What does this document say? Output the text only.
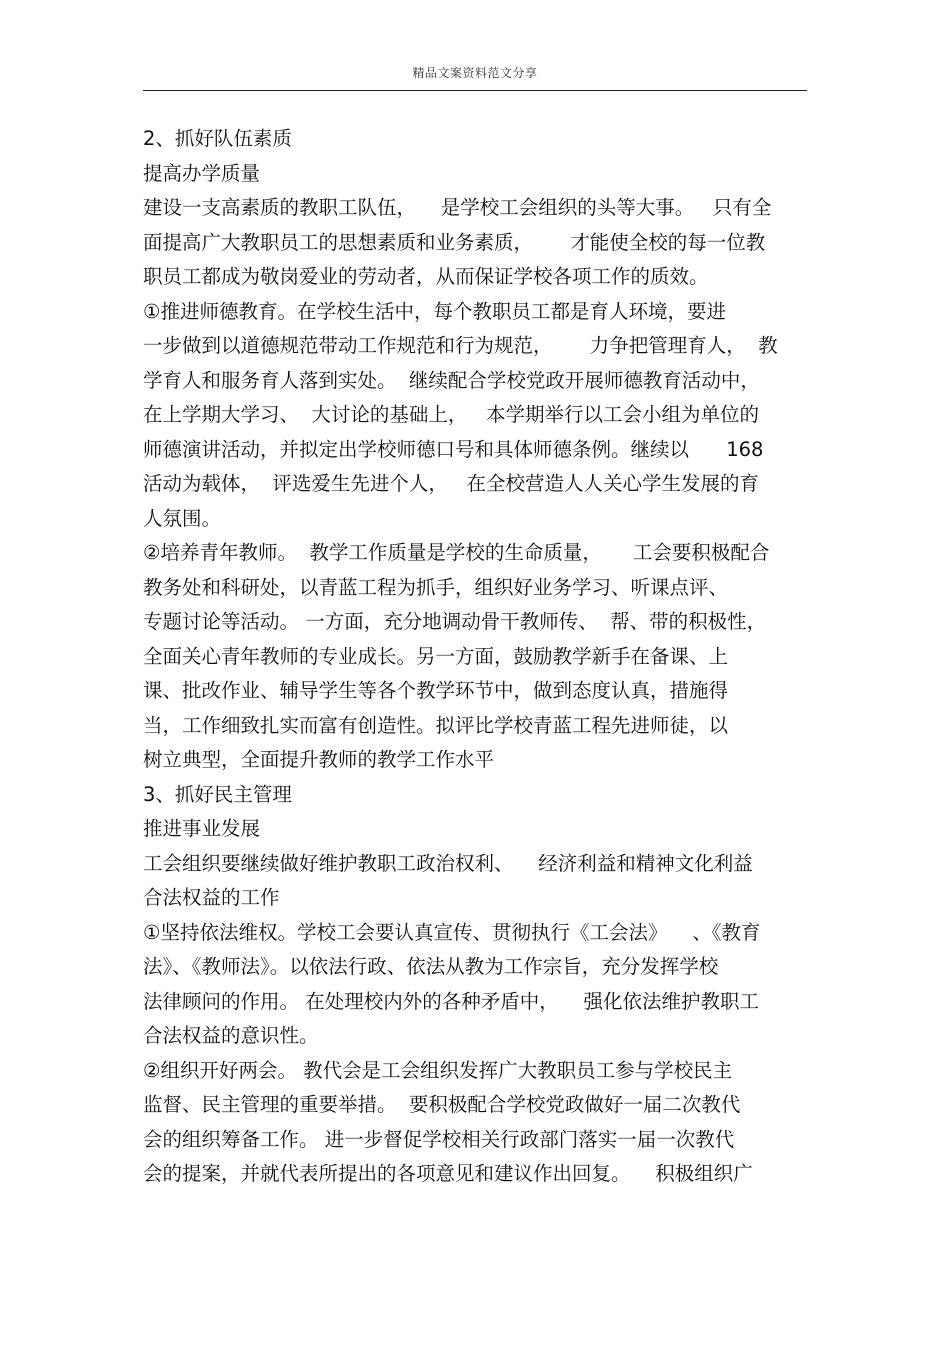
精品文案资料范文分享
2、抓好队伍素质
提高办学质量
建设一支高素质的教职工队伍，    是学校工会组织的头等大事。   只有全
面提高广大教职员工的思想素质和业务素质，      才能使全校的每一位教
职员工都成为敬岗爱业的劳动者，从而保证学校各项工作的质效。
①推进师德教育。在学校生活中，每个教职员工都是育人环境，要进
一步做到以道德规范带动工作规范和行为规范，      力争把管理育人，  教
学育人和服务育人落到实处。  继续配合学校党政开展师德教育活动中，
在上学期大学习、  大讨论的基础上，   本学期举行以工会小组为单位的
师德演讲活动，并拟定出学校师德口号和具体师德条例。继续以      168
活动为载体，  评选爱生先进个人，   在全校营造人人关心学生发展的育
人氛围。
②培养青年教师。  教学工作质量是学校的生命质量，     工会要积极配合
教务处和科研处，以青蓝工程为抓手，组织好业务学习、听课点评、
专题讨论等活动。 一方面，充分地调动骨干教师传、  帮、带的积极性，
全面关心青年教师的专业成长。另一方面，鼓励教学新手在备课、上
课、批改作业、辅导学生等各个教学环节中，做到态度认真，措施得
当，工作细致扎实而富有创造性。拟评比学校青蓝工程先进师徒，以
树立典型，全面提升教师的教学工作水平
3、抓好民主管理
推进事业发展
工会组织要继续做好维护教职工政治权利、    经济利益和精神文化利益
合法权益的工作
①坚持依法维权。学校工会要认真宣传、贯彻执行《工会法》    、《教育
法》、《教师法》。以依法行政、依法从教为工作宗旨，充分发挥学校
法律顾问的作用。 在处理校内外的各种矛盾中，    强化依法维护教职工
合法权益的意识性。
②组织开好两会。 教代会是工会组织发挥广大教职员工参与学校民主
监督、民主管理的重要举措。  要积极配合学校党政做好一届二次教代
会的组织筹备工作。 进一步督促学校相关行政部门落实一届一次教代
会的提案，并就代表所提出的各项意见和建议作出回复。    积极组织广
